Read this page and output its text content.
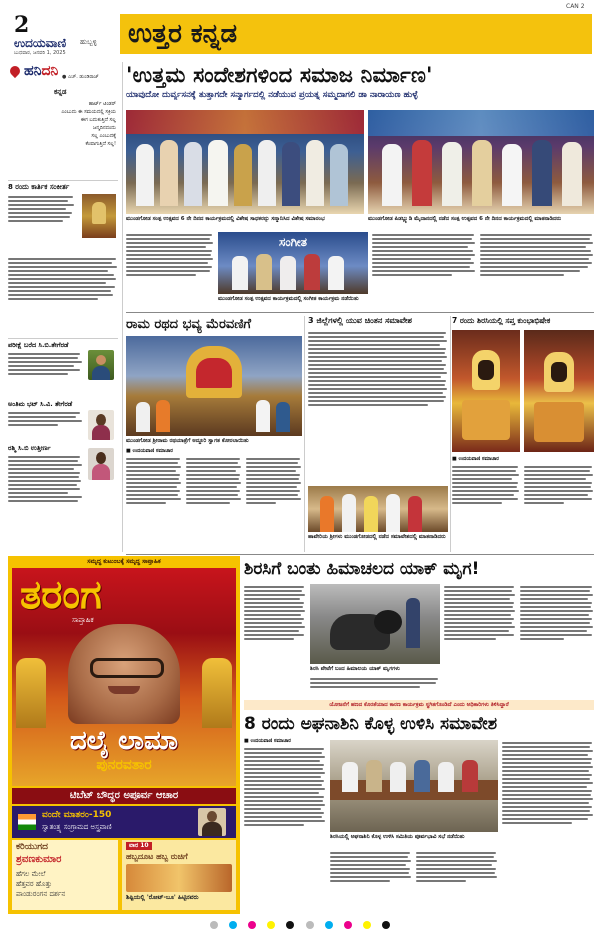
2
ಉದಯವಾಣಿ ಹುಬ್ಬಳ್ಳಿ
ಬುಧವಾರ, ಜನವರಿ 1, 2025
ಉತ್ತರ ಕನ್ನಡ
CAN 2
ಹನಿದನಿ ● ಎಚ್. ಡುಂಡಿರಾಜ್
ಕನ್ನಡ
ಹಾರ್ಟ್ ಟಿಂಡರ್
ಎಂಬುದು ಈ ಸಮಯದಲ್ಲಿ ಸಕ್ರಿಯ
ಈಗ ಬದುಕುತ್ತಿದೆ ಸಲ್ಲ
ಜನ್ಮದಿನದಂದು
ಸಲ್ಲ ಎಂಬುದಕ್ಕೆ
ಕೆಂಪಾಗುತ್ತಿದೆ ಸಲ್ಲ!
8 ರಂದು ಕಾರ್ತಿಕ ಸಂಕೀರ್ತ
ಪರೀಕ್ಷೆ ಬರೆದ ಸಿ.ಬಿ.ತೇಗೆರಡೆ
ಅಂತಿಮ ಭಟ್ ಸಿ.ವಿ. ತೇಗೆರಡೆ
ರಶ್ಮಿ ಸಿ.ಬಿ ಉತ್ತೀರ್ಣ
'ಉತ್ತಮ ಸಂದೇಶಗಳಿಂದ ಸಮಾಜ ನಿರ್ಮಾಣ'
ಯಾವುದೋ ದುರ್ವ್ಯಸನಕ್ಕೆ ತುತ್ತಾಗದೇ ಸನ್ಮಾರ್ಗದಲ್ಲಿ ನಡೆಯುವ ಪ್ರಯತ್ನ ಸಮ್ಮದಾಗಲಿ ಡಾ ನಾರಾಯಣ ಹುಳ್ಳೆ
ಮುಂಡಗೋಡ ಸಂತ್ಪ ಉತ್ಸವದ 6 ನೇ ದಿನದ ಕಾರ್ಯಕ್ರಮದಲ್ಲಿ ವಿಶೇಷ ಸಾಧಕರನ್ನು ಸನ್ಮಾನಿಸಿದ ವಿಶೇಷ ಸಮಾರಂಭ	ಮುಂಡಗೋಡ ಪಿಡಬ್ಲ್ಯುಡಿ ಮೈದಾನದಲ್ಲಿ ನಡೆದ ಸಂತ್ಪ ಉತ್ಸವದ 6 ನೇ ದಿನದ ಕಾರ್ಯಕ್ರಮದಲ್ಲಿ ಮಾತನಾಡಿದರು
ಸಂಗೀತ
ಮುಂಡಗೋಡ ಸಂತ್ಪ ಉತ್ಸವದ ಕಾರ್ಯಕ್ರಮದಲ್ಲಿ ಸಂಗೀತ ಕಾರ್ಯಕ್ರಮ ನಡೆಯಿತು
ರಾಮ ರಥದ ಭವ್ಯ ಮೆರವಣಿಗೆ
ಮುಂಡಗೋಡ ಶ್ರೀರಾಮ ರಥಯಾತ್ರೆಗೆ ಅದ್ದೂರಿ ಸ್ವಾಗತ ಕೋರಲಾಯಿತು
■ ಉದಯವಾಣಿ ಸಮಾಚಾರ
3 ಜಿಲ್ಲೆಗಳಲ್ಲಿ ಯುವ ಚಿಂತನ ಸಮಾವೇಶ
ಹಾವೇರಿಯ ಶ್ರೀಗಳು ಮುಂಡಗೋಡದಲ್ಲಿ ನಡೆದ ಸಮಾವೇಶದಲ್ಲಿ ಮಾತನಾಡಿದರು
7 ರಂದು ಶಿರಸಿಯಲ್ಲಿ ಸಪ್ತ ಕುಂಭಾಭಿಷೇಕ
■ ಉದಯವಾಣಿ ಸಮಾಚಾರ
ಸಮೃದ್ಧ ಕುಟುಂಬಕ್ಕೆ ಸಮೃದ್ಧ ಸಾಪ್ತಾಹಿಕ
ತರಂಗ
ಸಾಪ್ತಾಹಿಕ
ದಲೈ ಲಾಮಾ
ಪುನರವತಾರ
ಟಿಬೆಟ್ ಬೌದ್ಧರ ಅಪೂರ್ವ ಆಚಾರ
ವಂದೇ ಮಾತರಂ-150
ಸ್ವಾತಂತ್ರ್ಯ ಸಂಗ್ರಾಮದ ಅಸ್ತ್ರವಾಣಿ
ಕರಿಯುಗದ
ಶ್ರವಣಕುಮಾರ
ಹೆಗಲ ಮೇಲೆ
ಹೆತ್ತವರ ಹೊತ್ತು
ಪಾಂಡುರಂಗನ ದರ್ಶನ
ವಾರ 10
ಹಬ್ಬದೂಟ ಹಬ್ಬ ರುಚಿಗೆ
ಶಿಷ್ಟಿಯಲ್ಲಿ 'ರೋಟ್-ಬೂ' ಹಿಟ್ಟಿನವರು
ಶಿರಸಿಗೆ ಬಂತು ಹಿಮಾಚಲದ ಯಾಕ್ ಮೃಗ!
ಶಿರಸಿ ಪೇಟೆಗೆ ಬಂದ ಹಿಮಾಲಯ ಯಾಕ್ ಮೃಗಗಳು
ಯೋಜನೆಗೆ ಹಣದ ಕೊರತೆಯಾದ ಕಾರಣ ಕಾರ್ಯಕ್ರಮ ಸ್ಥಗಿತಗೊಂಡಿದೆ ಎಂದು ಅಧಿಕಾರಿಗಳು ತಿಳಿಸಿದ್ದಾರೆ
8 ರಂದು ಅಘನಾಶಿನಿ ಕೊಳ್ಳ ಉಳಿಸಿ ಸಮಾವೇಶ
■ ಉದಯವಾಣಿ ಸಮಾಚಾರ
ಶಿರಸಿಯಲ್ಲಿ ಅಘನಾಶಿನಿ ಕೊಳ್ಳ ಉಳಿಸಿ ಸಮಿತಿಯ ಪೂರ್ವಭಾವಿ ಸಭೆ ನಡೆಯಿತು
